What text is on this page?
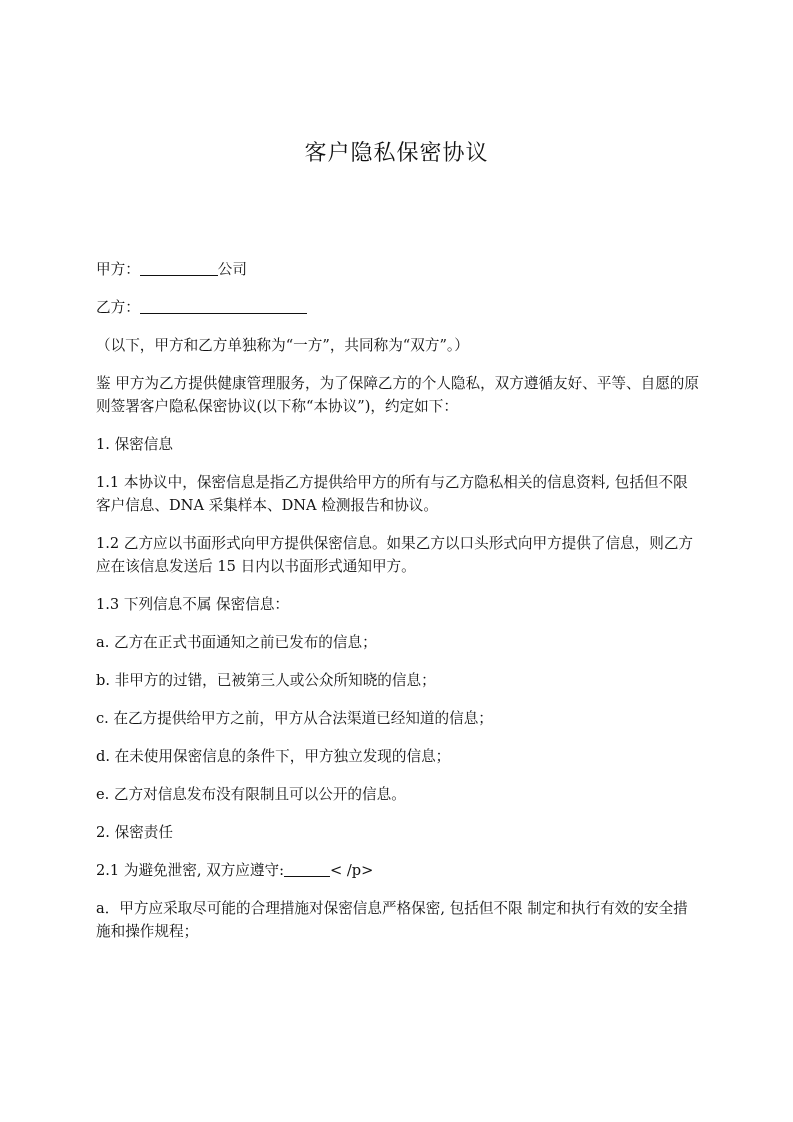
客户隐私保密协议

甲方：	公司

乙方：

（以下，甲方和乙方单独称为“一方”，共同称为“双方”。）

鉴 甲方为乙方提供健康管理服务，为了保障乙方的个人隐私，双方遵循友好、平等、自愿的原则签署客户隐私保密协议(以下称“本协议”)，约定如下：

1. 保密信息

1.1 本协议中，保密信息是指乙方提供给甲方的所有与乙方隐私相关的信息资料, 包括但不限 客户信息、DNA 采集样本、DNA 检测报告和协议。

1.2 乙方应以书面形式向甲方提供保密信息。如果乙方以口头形式向甲方提供了信息，则乙方应在该信息发送后 15 日内以书面形式通知甲方。

1.3 下列信息不属 保密信息：

a. 乙方在正式书面通知之前已发布的信息；

b. 非甲方的过错，已被第三人或公众所知晓的信息；

c. 在乙方提供给甲方之前，甲方从合法渠道已经知道的信息；

d. 在未使用保密信息的条件下，甲方独立发现的信息；

e. 乙方对信息发布没有限制且可以公开的信息。

2. 保密责任

2.1 为避免泄密, 双方应遵守:	< /p>

a．甲方应采取尽可能的合理措施对保密信息严格保密, 包括但不限 制定和执行有效的安全措施和操作规程；
